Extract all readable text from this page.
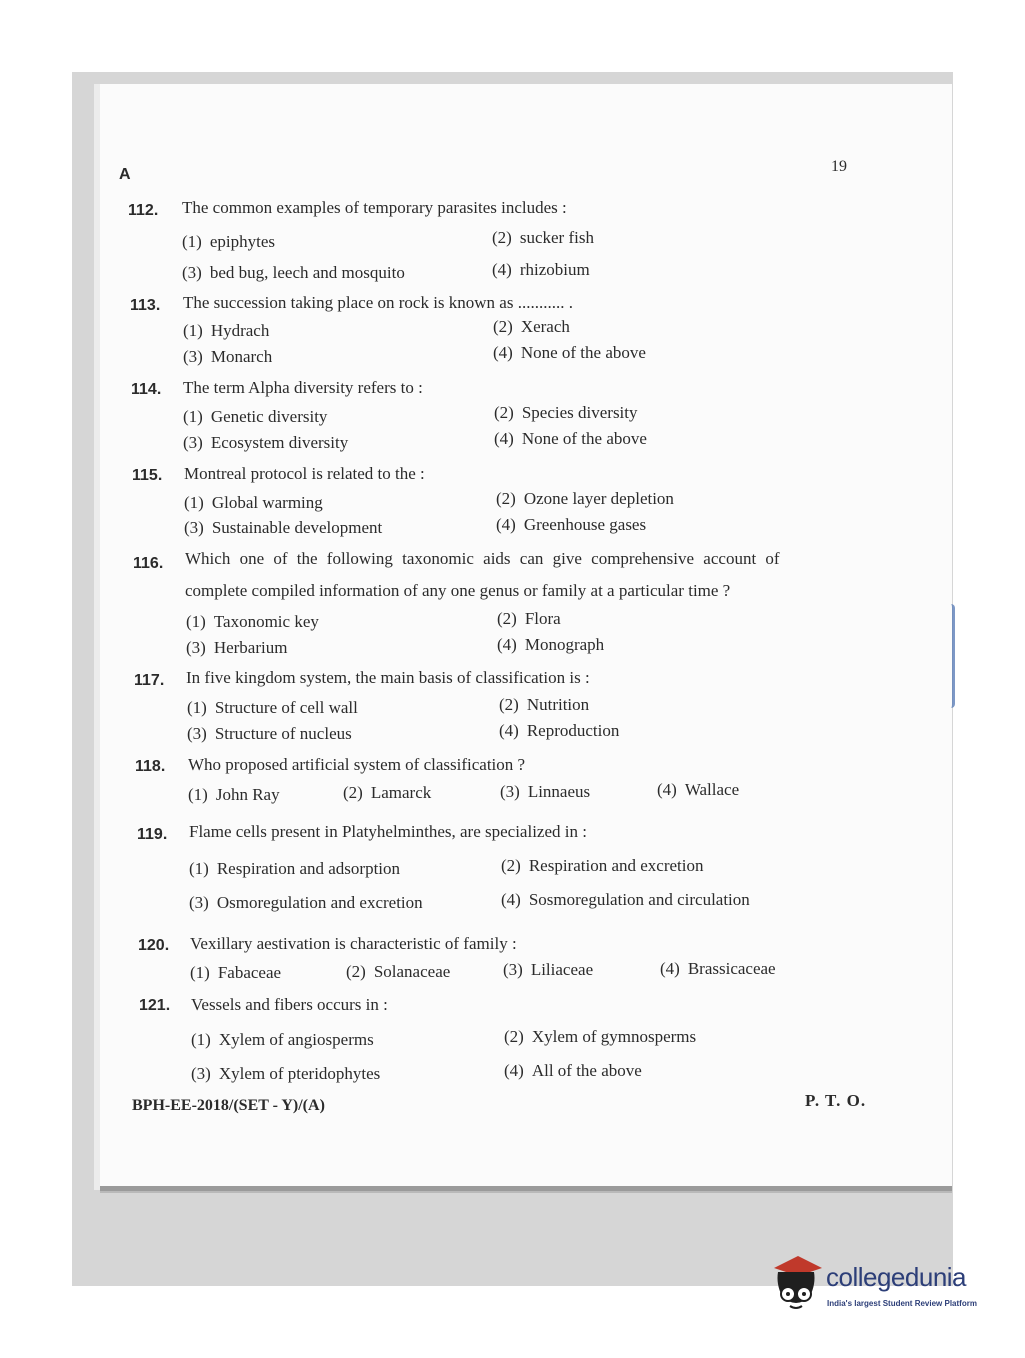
A	19
112. The common examples of temporary parasites includes :
(1) epiphytes	(2) sucker fish
(3) bed bug, leech and mosquito	(4) rhizobium
113. The succession taking place on rock is known as ........... .
(1) Hydrach	(2) Xerach
(3) Monarch	(4) None of the above
114. The term Alpha diversity refers to :
(1) Genetic diversity	(2) Species diversity
(3) Ecosystem diversity	(4) None of the above
115. Montreal protocol is related to the :
(1) Global warming	(2) Ozone layer depletion
(3) Sustainable development	(4) Greenhouse gases
116. Which one of the following taxonomic aids can give comprehensive account of
complete compiled information of any one genus or family at a particular time ?
(1) Taxonomic key	(2) Flora
(3) Herbarium	(4) Monograph
117. In five kingdom system, the main basis of classification is :
(1) Structure of cell wall	(2) Nutrition
(3) Structure of nucleus	(4) Reproduction
118. Who proposed artificial system of classification ?
(1) John Ray	(2) Lamarck	(3) Linnaeus	(4) Wallace
119. Flame cells present in Platyhelminthes, are specialized in :
(1) Respiration and adsorption	(2) Respiration and excretion
(3) Osmoregulation and excretion	(4) Sosmoregulation and circulation
120. Vexillary aestivation is characteristic of family :
(1) Fabaceae	(2) Solanaceae	(3) Liliaceae	(4) Brassicaceae
121. Vessels and fibers occurs in :
(1) Xylem of angiosperms	(2) Xylem of gymnosperms
(3) Xylem of pteridophytes	(4) All of the above
BPH-EE-2018/(SET - Y)/(A)	P. T. O.
collegedunia
India's largest Student Review Platform
